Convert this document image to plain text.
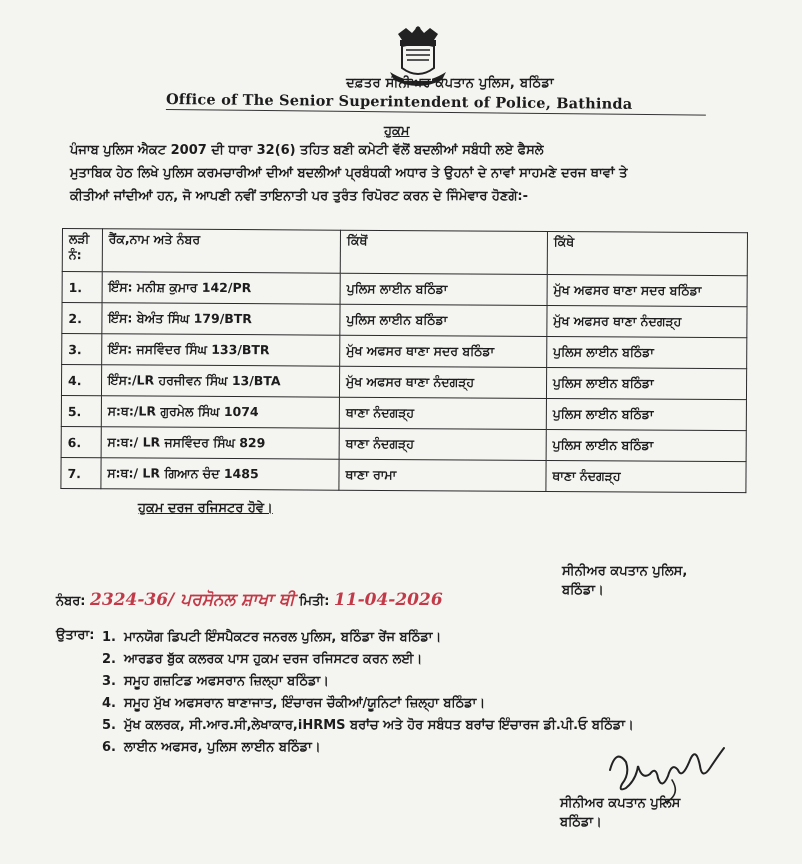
ਦਫ਼ਤਰ ਸੀਨੀਅਰ ਕਪਤਾਨ ਪੁਲਿਸ, ਬਠਿੰਡਾ
Office of The Senior Superintendent of Police, Bathinda
ਹੁਕਮ
ਪੰਜਾਬ ਪੁਲਿਸ ਐਕਟ 2007 ਦੀ ਧਾਰਾ 32(6) ਤਹਿਤ ਬਣੀ ਕਮੇਟੀ ਵੱਲੋਂ ਬਦਲੀਆਂ ਸਬੰਧੀ ਲਏ ਫੈਸਲੇ
ਮੁਤਾਬਿਕ ਹੇਠ ਲਿਖੇ ਪੁਲਿਸ ਕਰਮਚਾਰੀਆਂ ਦੀਆਂ ਬਦਲੀਆਂ ਪ੍ਰਬੰਧਕੀ ਅਧਾਰ ਤੇ ਉਹਨਾਂ ਦੇ ਨਾਵਾਂ ਸਾਹਮਣੇ ਦਰਜ ਥਾਵਾਂ ਤੇ
ਕੀਤੀਆਂ ਜਾਂਦੀਆਂ ਹਨ, ਜੋ ਆਪਣੀ ਨਵੀਂ ਤਾਇਨਾਤੀ ਪਰ ਤੁਰੰਤ ਰਿਪੋਰਟ ਕਰਨ ਦੇ ਜਿੰਮੇਵਾਰ ਹੋਣਗੇ:-
ਲੜੀ ਨੰ:	ਰੈਂਕ,ਨਾਮ ਅਤੇ ਨੰਬਰ	ਕਿੱਥੋਂ	ਕਿੱਥੇ
1.	ਇੰਸ: ਮਨੀਸ਼ ਕੁਮਾਰ 142/PR	ਪੁਲਿਸ ਲਾਈਨ ਬਠਿੰਡਾ	ਮੁੱਖ ਅਫਸਰ ਥਾਣਾ ਸਦਰ ਬਠਿੰਡਾ
2.	ਇੰਸ: ਬੇਅੰਤ ਸਿੰਘ 179/BTR	ਪੁਲਿਸ ਲਾਈਨ ਬਠਿੰਡਾ	ਮੁੱਖ ਅਫਸਰ ਥਾਣਾ ਨੰਦਗੜ੍ਹ
3.	ਇੰਸ: ਜਸਵਿੰਦਰ ਸਿੰਘ 133/BTR	ਮੁੱਖ ਅਫਸਰ ਥਾਣਾ ਸਦਰ ਬਠਿੰਡਾ	ਪੁਲਿਸ ਲਾਈਨ ਬਠਿੰਡਾ
4.	ਇੰਸ:/LR ਹਰਜੀਵਨ ਸਿੰਘ 13/BTA	ਮੁੱਖ ਅਫਸਰ ਥਾਣਾ ਨੰਦਗੜ੍ਹ	ਪੁਲਿਸ ਲਾਈਨ ਬਠਿੰਡਾ
5.	ਸ:ਥ:/LR ਗੁਰਮੇਲ ਸਿੰਘ 1074	ਥਾਣਾ ਨੰਦਗੜ੍ਹ	ਪੁਲਿਸ ਲਾਈਨ ਬਠਿੰਡਾ
6.	ਸ:ਥ:/ LR ਜਸਵਿੰਦਰ ਸਿੰਘ 829	ਥਾਣਾ ਨੰਦਗੜ੍ਹ	ਪੁਲਿਸ ਲਾਈਨ ਬਠਿੰਡਾ
7.	ਸ:ਥ:/ LR ਗਿਆਨ ਚੰਦ 1485	ਥਾਣਾ ਰਾਮਾ	ਥਾਣਾ ਨੰਦਗੜ੍ਹ
ਹੁਕਮ ਦਰਜ ਰਜਿਸਟਰ ਹੋਵੇ।
ਸੀਨੀਅਰ ਕਪਤਾਨ ਪੁਲਿਸ,
ਬਠਿੰਡਾ।
ਨੰਬਰ: 2324-36/ ਪਰਸੋਨਲ ਸ਼ਾਖਾ ਥੀ ਮਿਤੀ: 11-04-2026
ਉਤਾਰਾ: 1. ਮਾਨਯੋਗ ਡਿਪਟੀ ਇੰਸਪੈਕਟਰ ਜਨਰਲ ਪੁਲਿਸ, ਬਠਿੰਡਾ ਰੇਂਜ ਬਠਿੰਡਾ।
2. ਆਰਡਰ ਬੁੱਕ ਕਲਰਕ ਪਾਸ ਹੁਕਮ ਦਰਜ ਰਜਿਸਟਰ ਕਰਨ ਲਈ।
3. ਸਮੂਹ ਗਜ਼ਟਿਡ ਅਫਸਰਾਨ ਜ਼ਿਲ੍ਹਾ ਬਠਿੰਡਾ।
4. ਸਮੂਹ ਮੁੱਖ ਅਫਸਰਾਨ ਥਾਣਾਜਾਤ, ਇੰਚਾਰਜ ਚੌਕੀਆਂ/ਯੂਨਿਟਾਂ ਜ਼ਿਲ੍ਹਾ ਬਠਿੰਡਾ।
5. ਮੁੱਖ ਕਲਰਕ, ਸੀ.ਆਰ.ਸੀ,ਲੇਖਾਕਾਰ,iHRMS ਬਰਾਂਚ ਅਤੇ ਹੋਰ ਸਬੰਧਤ ਬਰਾਂਚ ਇੰਚਾਰਜ ਡੀ.ਪੀ.ਓ ਬਠਿੰਡਾ।
6. ਲਾਈਨ ਅਫਸਰ, ਪੁਲਿਸ ਲਾਈਨ ਬਠਿੰਡਾ।
ਸੀਨੀਅਰ ਕਪਤਾਨ ਪੁਲਿਸ
ਬਠਿੰਡਾ।
